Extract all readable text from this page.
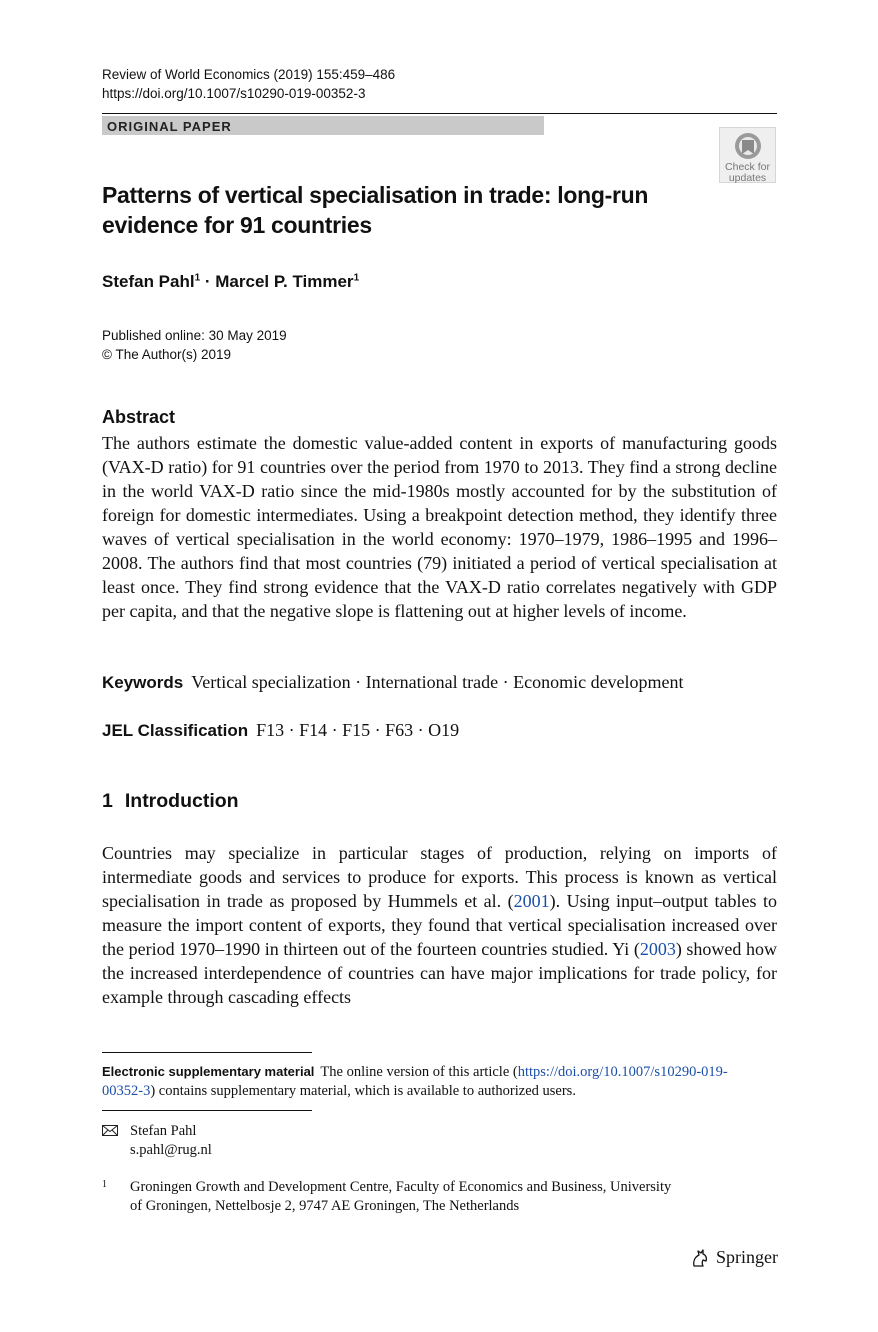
Review of World Economics (2019) 155:459–486
https://doi.org/10.1007/s10290-019-00352-3
ORIGINAL PAPER
Check for
updates
Patterns of vertical specialisation in trade: long-run
evidence for 91 countries
Stefan Pahl$^1$ · Marcel P. Timmer$^1$
Published online: 30 May 2019
© The Author(s) 2019
Abstract
The authors estimate the domestic value-added content in exports of manufacturing goods (VAX-D ratio) for 91 countries over the period from 1970 to 2013. They find a strong decline in the world VAX-D ratio since the mid-1980s mostly accounted for by the substitution of foreign for domestic intermediates. Using a breakpoint detection method, they identify three waves of vertical specialisation in the world economy: 1970–1979, 1986–1995 and 1996–2008. The authors find that most countries (79) initiated a period of vertical specialisation at least once. They find strong evidence that the VAX-D ratio correlates negatively with GDP per capita, and that the negative slope is flattening out at higher levels of income.
Keywords Vertical specialization · International trade · Economic development
JEL Classification F13 · F14 · F15 · F63 · O19
1 Introduction
Countries may specialize in particular stages of production, relying on imports of intermediate goods and services to produce for exports. This process is known as vertical specialisation in trade as proposed by Hummels et al. (2001). Using input–output tables to measure the import content of exports, they found that vertical specialisation increased over the period 1970–1990 in thirteen out of the fourteen countries studied. Yi (2003) showed how the increased interdependence of countries can have major implications for trade policy, for example through cascading effects
Electronic supplementary material The online version of this article (https://doi.org/10.1007/s10290-019-00352-3) contains supplementary material, which is available to authorized users.
Stefan Pahl
s.pahl@rug.nl
1 Groningen Growth and Development Centre, Faculty of Economics and Business, University
of Groningen, Nettelbosje 2, 9747 AE Groningen, The Netherlands
Springer
